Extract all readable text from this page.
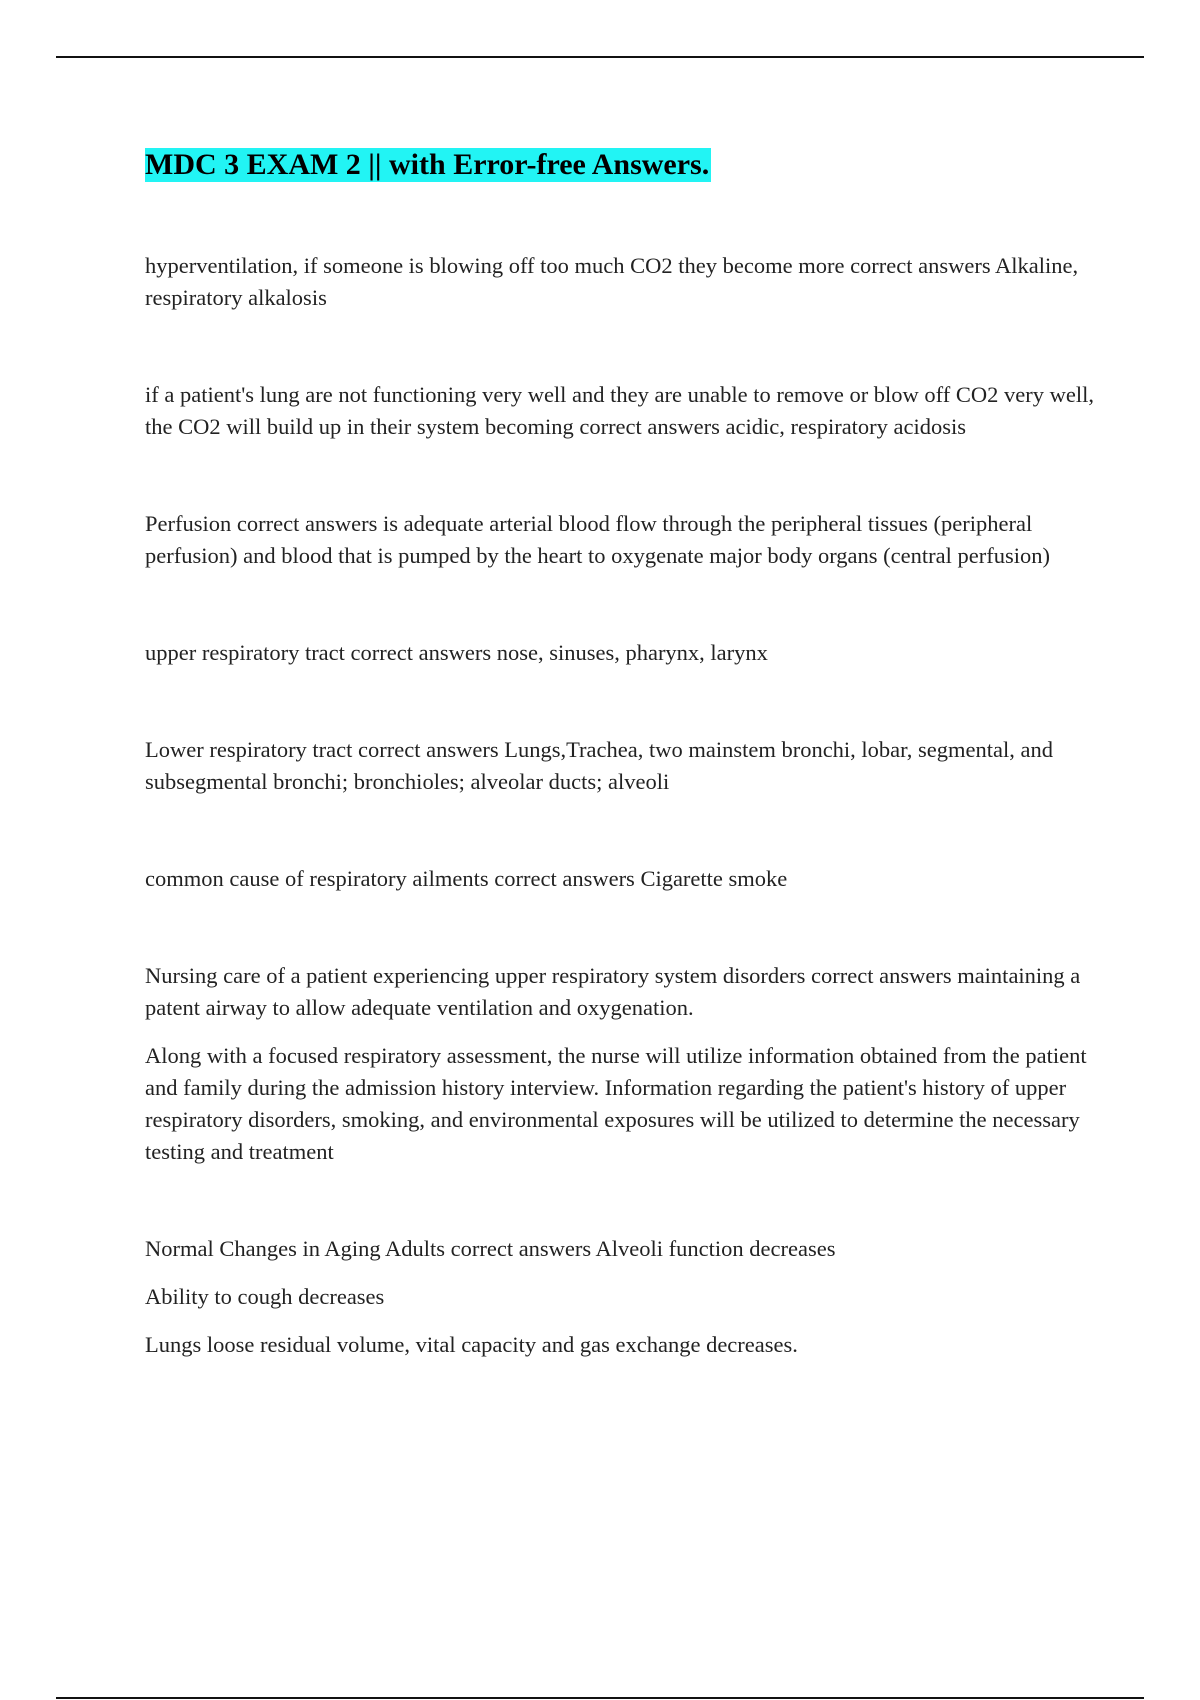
MDC 3 EXAM 2 || with Error-free Answers.

hyperventilation, if someone is blowing off too much CO2 they become more correct answers Alkaline, respiratory alkalosis

if a patient's lung are not functioning very well and they are unable to remove or blow off CO2 very well, the CO2 will build up in their system becoming correct answers acidic, respiratory acidosis

Perfusion correct answers is adequate arterial blood flow through the peripheral tissues (peripheral perfusion) and blood that is pumped by the heart to oxygenate major body organs (central perfusion)

upper respiratory tract correct answers nose, sinuses, pharynx, larynx

Lower respiratory tract correct answers Lungs,Trachea, two mainstem bronchi, lobar, segmental, and subsegmental bronchi; bronchioles; alveolar ducts; alveoli

common cause of respiratory ailments correct answers Cigarette smoke

Nursing care of a patient experiencing upper respiratory system disorders correct answers maintaining a patent airway to allow adequate ventilation and oxygenation.

Along with a focused respiratory assessment, the nurse will utilize information obtained from the patient and family during the admission history interview. Information regarding the patient's history of upper respiratory disorders, smoking, and environmental exposures will be utilized to determine the necessary testing and treatment

Normal Changes in Aging Adults correct answers Alveoli function decreases

Ability to cough decreases

Lungs loose residual volume, vital capacity and gas exchange decreases.
